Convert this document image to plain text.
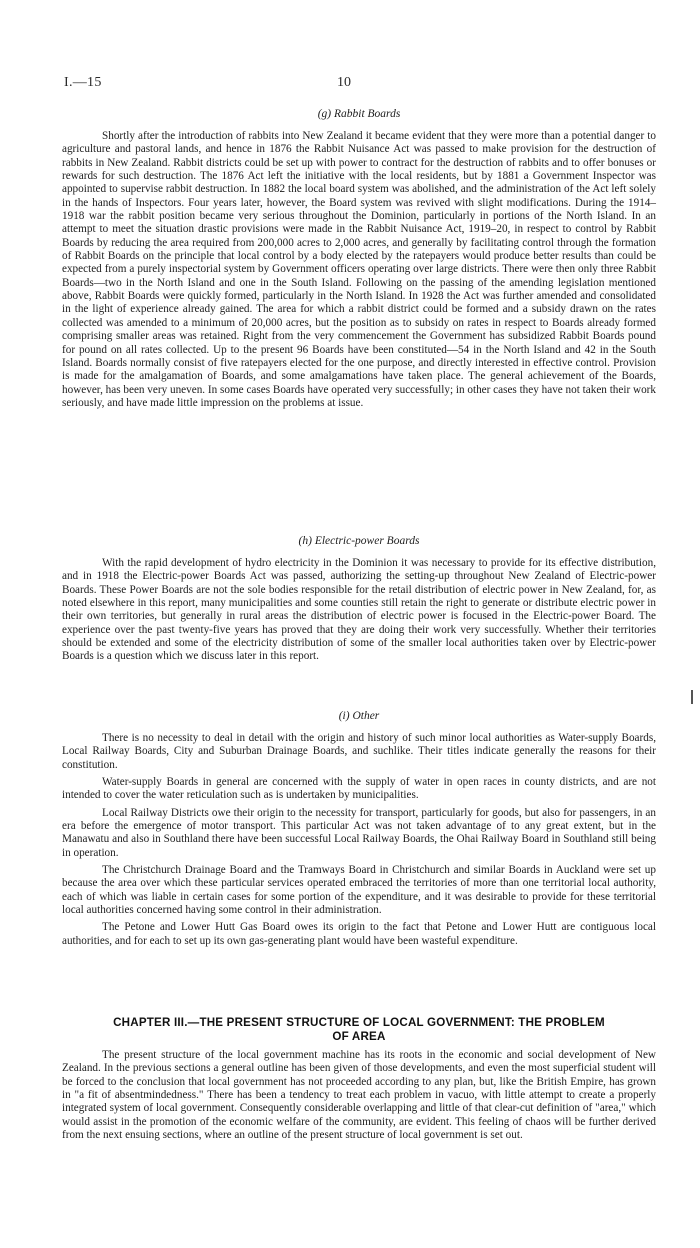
I.—15	10
(g) Rabbit Boards

Shortly after the introduction of rabbits into New Zealand it became evident that they were more than a potential danger to agriculture and pastoral lands, and hence in 1876 the Rabbit Nuisance Act was passed to make provision for the destruction of rabbits in New Zealand. Rabbit districts could be set up with power to contract for the destruction of rabbits and to offer bonuses or rewards for such destruction. The 1876 Act left the initiative with the local residents, but by 1881 a Government Inspector was appointed to supervise rabbit destruction. In 1882 the local board system was abolished, and the administration of the Act left solely in the hands of Inspectors. Four years later, however, the Board system was revived with slight modifications. During the 1914–1918 war the rabbit position became very serious throughout the Dominion, particularly in portions of the North Island. In an attempt to meet the situation drastic provisions were made in the Rabbit Nuisance Act, 1919–20, in respect to control by Rabbit Boards by reducing the area required from 200,000 acres to 2,000 acres, and generally by facilitating control through the formation of Rabbit Boards on the principle that local control by a body elected by the ratepayers would produce better results than could be expected from a purely inspectorial system by Government officers operating over large districts. There were then only three Rabbit Boards—two in the North Island and one in the South Island. Following on the passing of the amending legislation mentioned above, Rabbit Boards were quickly formed, particularly in the North Island. In 1928 the Act was further amended and consolidated in the light of experience already gained. The area for which a rabbit district could be formed and a subsidy drawn on the rates collected was amended to a minimum of 20,000 acres, but the position as to subsidy on rates in respect to Boards already formed comprising smaller areas was retained. Right from the very commencement the Government has subsidized Rabbit Boards pound for pound on all rates collected. Up to the present 96 Boards have been constituted—54 in the North Island and 42 in the South Island. Boards normally consist of five ratepayers elected for the one purpose, and directly interested in effective control. Provision is made for the amalgamation of Boards, and some amalgamations have taken place. The general achievement of the Boards, however, has been very uneven. In some cases Boards have operated very successfully; in other cases they have not taken their work seriously, and have made little impression on the problems at issue.

(h) Electric-power Boards

With the rapid development of hydro electricity in the Dominion it was necessary to provide for its effective distribution, and in 1918 the Electric-power Boards Act was passed, authorizing the setting-up throughout New Zealand of Electric-power Boards. These Power Boards are not the sole bodies responsible for the retail distribution of electric power in New Zealand, for, as noted elsewhere in this report, many municipalities and some counties still retain the right to generate or distribute electric power in their own territories, but generally in rural areas the distribution of electric power is focused in the Electric-power Board. The experience over the past twenty-five years has proved that they are doing their work very successfully. Whether their territories should be extended and some of the electricity distribution of some of the smaller local authorities taken over by Electric-power Boards is a question which we discuss later in this report.

(i) Other

There is no necessity to deal in detail with the origin and history of such minor local authorities as Water-supply Boards, Local Railway Boards, City and Suburban Drainage Boards, and suchlike. Their titles indicate generally the reasons for their constitution.

Water-supply Boards in general are concerned with the supply of water in open races in county districts, and are not intended to cover the water reticulation such as is undertaken by municipalities.

Local Railway Districts owe their origin to the necessity for transport, particularly for goods, but also for passengers, in an era before the emergence of motor transport. This particular Act was not taken advantage of to any great extent, but in the Manawatu and also in Southland there have been successful Local Railway Boards, the Ohai Railway Board in Southland still being in operation.

The Christchurch Drainage Board and the Tramways Board in Christchurch and similar Boards in Auckland were set up because the area over which these particular services operated embraced the territories of more than one territorial local authority, each of which was liable in certain cases for some portion of the expenditure, and it was desirable to provide for these territorial local authorities concerned having some control in their administration.

The Petone and Lower Hutt Gas Board owes its origin to the fact that Petone and Lower Hutt are contiguous local authorities, and for each to set up its own gas-generating plant would have been wasteful expenditure.

CHAPTER III.—THE PRESENT STRUCTURE OF LOCAL GOVERNMENT: THE PROBLEM
OF AREA

The present structure of the local government machine has its roots in the economic and social development of New Zealand. In the previous sections a general outline has been given of those developments, and even the most superficial student will be forced to the conclusion that local government has not proceeded according to any plan, but, like the British Empire, has grown in "a fit of absentmindedness." There has been a tendency to treat each problem in vacuo, with little attempt to create a properly integrated system of local government. Consequently considerable overlapping and little of that clear-cut definition of "area," which would assist in the promotion of the economic welfare of the community, are evident. This feeling of chaos will be further derived from the next ensuing sections, where an outline of the present structure of local government is set out.
